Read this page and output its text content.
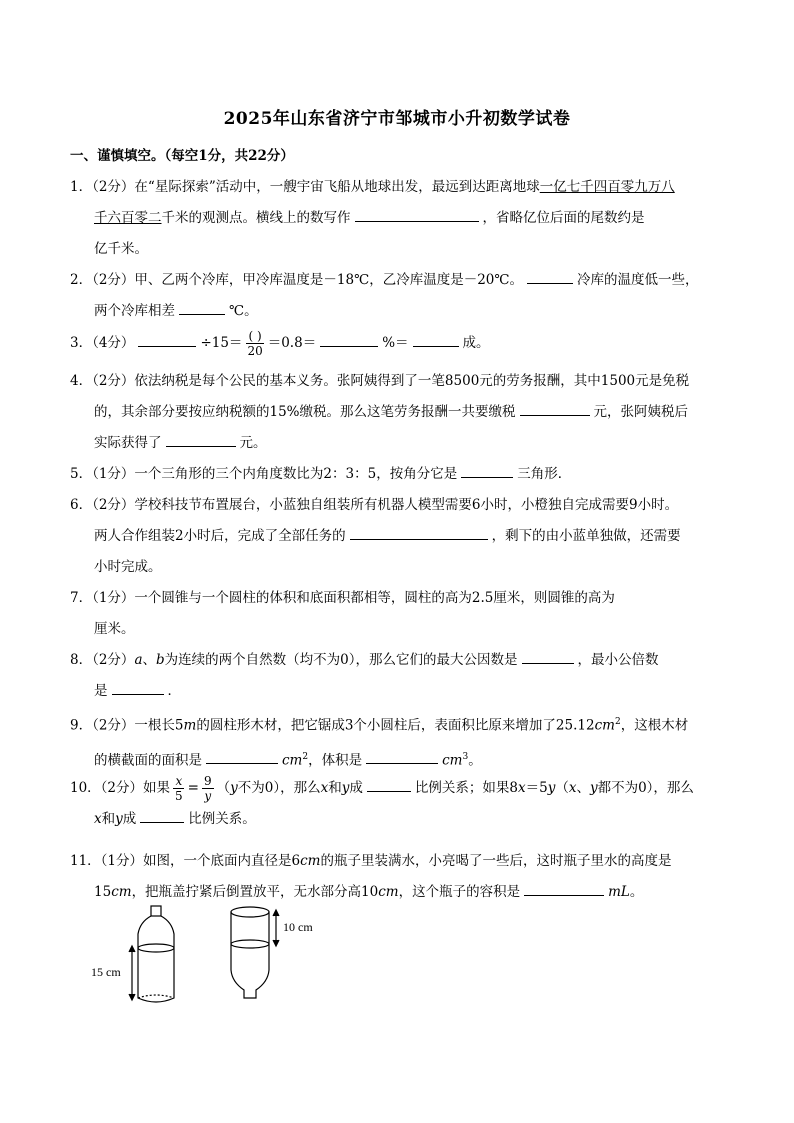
2025年山东省济宁市邹城市小升初数学试卷
一、谨慎填空。（每空1分，共22分）
1．（2分）在“星际探索”活动中，一艘宇宙飞船从地球出发，最远到达距离地球一亿七千四百零九万八
千六百零二千米的观测点。横线上的数写作	，省略亿位后面的尾数约是
亿千米。
2．（2分）甲、乙两个冷库，甲冷库温度是－18℃，乙冷库温度是－20℃。	冷库的温度低一些，
两个冷库相差	℃。
3．（4分）	$\div 15= \frac{( )}{20} =0.8=$	%＝	成。
4．（2分）依法纳税是每个公民的基本义务。张阿姨得到了一笔8500元的劳务报酬，其中1500元是免税
的，其余部分要按应纳税额的15%缴税。那么这笔劳务报酬一共要缴税	元，张阿姨税后
实际获得了	元。
5．（1分）一个三角形的三个内角度数比为2：3：5，按角分它是	三角形．
6．（2分）学校科技节布置展台，小蓝独自组装所有机器人模型需要6小时，小橙独自完成需要9小时。
两人合作组装2小时后，完成了全部任务的	，剩下的由小蓝单独做，还需要
小时完成。
7．（1分）一个圆锥与一个圆柱的体积和底面积都相等，圆柱的高为2.5厘米，则圆锥的高为
厘米。
8．（2分）a、b为连续的两个自然数（均不为0），那么它们的最大公因数是	，最小公倍数
是	．
9．（2分）一根长5m的圆柱形木材，把它锯成3个小圆柱后，表面积比原来增加了$25.12cm^2$，这根木材
的横截面的面积是	$cm^2$，体积是	$cm^3$。
10．（2分）如果 $\frac{x}{5} = \frac{9}{y} (y$不为0），那么x和y成	比例关系；如果8x＝5y（x、y都不为0），那么
x和y成	比例关系。
11．（1分）如图，一个底面内直径是6cm的瓶子里装满水，小亮喝了一些后，这时瓶子里水的高度是
15cm，把瓶盖拧紧后倒置放平，无水部分高10cm，这个瓶子的容积是	mL。
15 cm
10 cm
